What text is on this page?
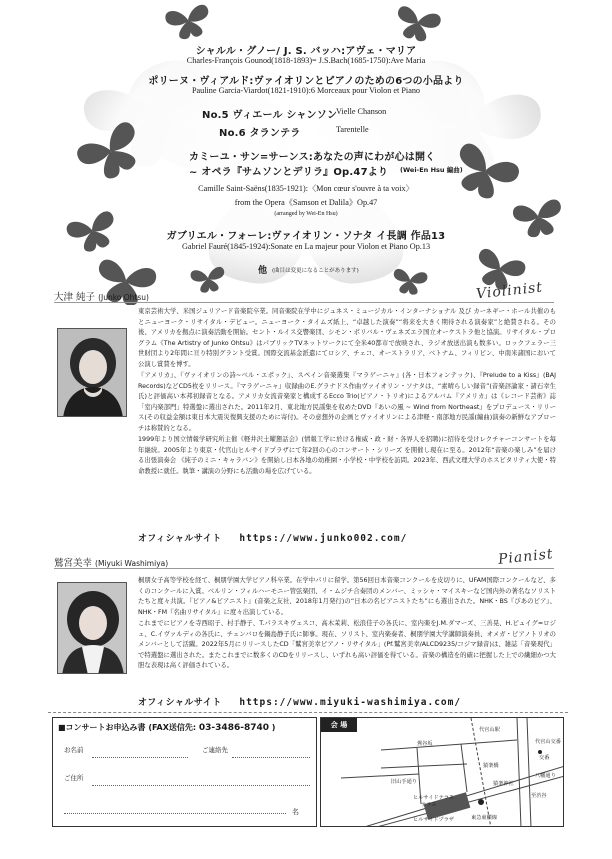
シャルル・グノー/ J. S. バッハ:アヴェ・マリア
Charles-François Gounod(1818-1893)= J.S.Bach(1685-1750):Ave Maria
ポリーヌ・ヴィアルド:ヴァイオリンとピアノのための6つの小品より
Pauline Garcia-Viardot(1821-1910):6 Morceaux pour Violon et Piano
No.5 ヴィエール シャンソン
Vielle Chanson
No.6 タランテラ	Tarentelle
カミーユ・サン=サーンス:あなたの声にわが心は開く
~ オペラ『サムソンとデリラ』Op.47より (Wei-En Hsu 編曲)
Camille Saint-Saëns(1835-1921):〈Mon cœur s'ouvre à ta voix〉
from the Opera《Samson et Dalila》Op.47
(arranged by Wei-En Hsu)
ガブリエル・フォーレ:ヴァイオリン・ソナタ イ長調 作品13
Gabriel Fauré(1845-1924):Sonate en La majeur pour Violon et Piano Op.13
他 (曲目は変更になることがあります)
大津 純子 (Junko Ohtsu)	Violinist

東京芸術大学、米国ジュリアード音楽院卒業。同音楽院在学中にジュネス・ミュージカル・インターナショナル 及び カーネギー・ホール共催のもとニューヨーク・リサイタル・デビュー。ニューヨーク・タイムズ紙上、“卓越した演奏”“将来を大きく期待される演奏家”と絶賛される。その後、アメリカを拠点に演奏活動を開始。セント・ルイス交響楽団、シモン・ボリバル・ヴェネズエラ国立オーケストラ他と協演。リサイタル・プログラム《The Artistry of Junko Ohtsu》はパブリックTVネットワークにて全米40都市で放映され、ラジオ放送出演も数多い。ロックフェラー三世財団より2年間に亘り特別グラント受賞。国際交流基金派遣にてロシア、チェコ、オーストラリア、ベトナム、フィリピン、中南米諸国において公演し賞賛を博す。

『アメリカ』、『ヴァイオリンの詩~ベル・エポック』、スペイン音楽選集『マラゲーニャ』(各・日本フォンテック)、『Prelude to a Kiss』(BAJ Records)などCD5枚をリリース。『マラゲーニャ』収録曲のE.グラナドス作曲ヴァイオリン・ソナタは、“素晴らしい録音”(音楽評論家・諸石幸生氏)と評価高い本邦初録音となる。アメリカ女流音楽家と構成するEcco Trio(ピアノ・トリオ)によるアルバム『アメリカ』は《レコード芸術》誌「室内楽部門」特選盤に選出された。2011年2月、東北地方民謡集を収めたDVD『あいの風 ~ Wind from Northeast』をプロデュース・リリース(その収益金額は東日本大震災復興支援のために寄付)。その意想外の企画とヴァイオリンによる津軽・南部地方民謡(編曲)演奏の新鮮なアプローチは称賛的となる。

1999年より国立情報学研究所主催《軽井沢土曜懇話会》(情報工学に於ける権威・政・財・各界人を招聘)に招待を受けレクチャーコンサートを毎年継続。2005年より東京・代官山ヒルサイドプラザにて年2回の心のコンサート・シリーズ を開催し現在に至る。2012年“音楽の楽しみ”を届ける出張演奏会 《純子のミニ・キャラバン》を開始し日本各地の幼稚園・小学校・中学校を訪問。2023年、西武文理大学のホスピタリティ大使・特命教授に就任。執筆・講演の分野にも活動の場を広げている。

オフィシャルサイト https://www.junko002.com/
鷲宮美幸 (Miyuki Washimiya)	Pianist

桐朋女子高等学校を経て、桐朋学園大学ピアノ科卒業。在学中パリに留学。第56回日本音楽コンクールを皮切りに、UFAM国際コンクールなど、多くのコンクールに入賞。ベルリン・フィルハーモニー管弦楽団、イ・ムジチ合奏団のメンバー、ミッシャ・マイスキーなど国内外の著名なソリストたちと度々共演。『ピアノ&ピアニスト』(音楽之友社、2018年1月発行)の“日本の名ピアニストたち”にも選出された。NHK・BS『ぴあのピア』、NHK・FM『名曲リサイタル』に度々出演している。

これまでにピアノを寺西昭子、村手静子、T.パラスキヴェスコ、高木茉莉、松浪佳子の各氏に、室内楽をJ.M.ダマーズ、三善晃、H.ピュイグ=ロジェ、C.イヴァルディの各氏に、チェンバロを鍋島静子氏に師事。現在、ソリスト、室内楽奏者、桐朋学園大学講師演奏員、オメガ・ピアノトリオのメンバーとして活躍。2022年5月にリリースしたCD「鷲宮美幸ピアノ・リサイタル」(Pf.鷲宮美幸/ALCD9235/コジマ録音)は、雑誌「音楽現代」で特選盤に選出された。またこれまでに数多くのCDをリリースし、いずれも高い評価を得ている。音楽の構造を的確に把握した上での繊細かつ大胆な表現は高く評価されている。

オフィシャルサイト https://www.miyuki-washimiya.com/
■コンサートお申込み書 (FAX送信先: 03-3486-8740 )
お名前	ご連絡先
ご住所
名
会 場
鶯谷坂
旧山手通り
ヒルサイドテラス
テラス
ヒルサイドプラザ
猿楽神社
代官山駅
代官山交番
交番
至渋谷
猿楽橋
東急東横線
八幡通り
